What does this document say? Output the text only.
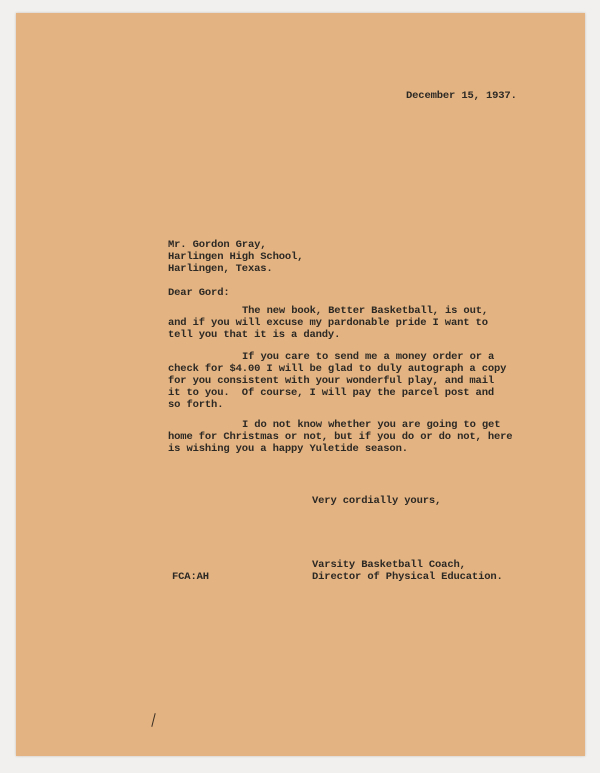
December 15, 1937.
Mr. Gordon Gray,
Harlingen High School,
Harlingen, Texas.
Dear Gord:
The new book, Better Basketball, is out,
and if you will excuse my pardonable pride I want to
tell you that it is a dandy.
If you care to send me a money order or a
check for $4.00 I will be glad to duly autograph a copy
for you consistent with your wonderful play, and mail
it to you.  Of course, I will pay the parcel post and
so forth.
I do not know whether you are going to get
home for Christmas or not, but if you do or do not, here
is wishing you a happy Yuletide season.
Very cordially yours,
Varsity Basketball Coach,
FCA:AH	Director of Physical Education.
